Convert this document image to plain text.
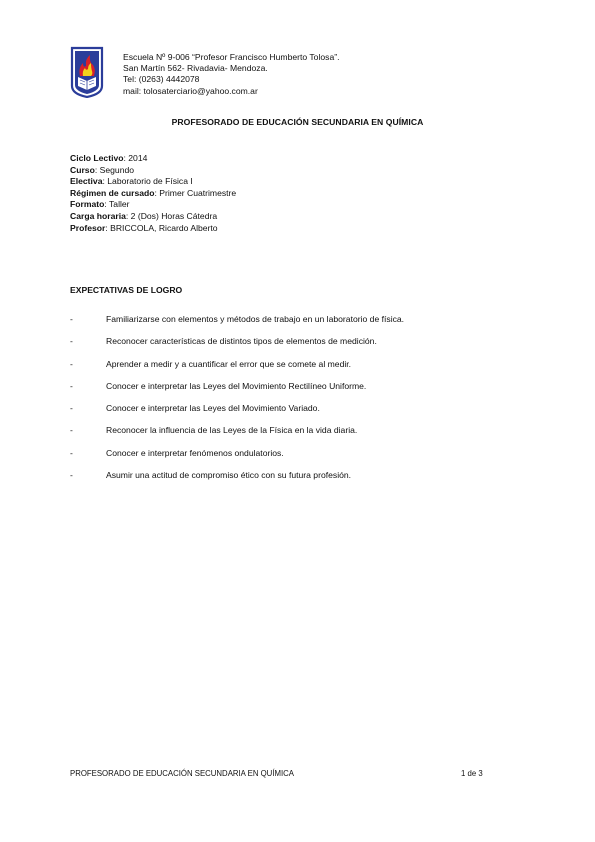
Escuela Nº 9-006 “Profesor Francisco Humberto Tolosa”.
San Martín 562- Rivadavia- Mendoza.
Tel: (0263) 4442078
mail: tolosaterciario@yahoo.com.ar
PROFESORADO DE EDUCACIÓN SECUNDARIA EN QUÍMICA
Ciclo Lectivo: 2014
Curso: Segundo
Electiva: Laboratorio de Física I
Régimen de cursado: Primer Cuatrimestre
Formato: Taller
Carga horaria: 2 (Dos) Horas Cátedra
Profesor: BRICCOLA, Ricardo Alberto
EXPECTATIVAS DE LOGRO
-	Familiarizarse con elementos y métodos de trabajo en un laboratorio de física.
-	Reconocer características de distintos tipos de elementos de medición.
-	Aprender a medir y a cuantificar el error que se comete al medir.
-	Conocer e interpretar las Leyes del Movimiento Rectilíneo Uniforme.
-	Conocer e interpretar las Leyes del Movimiento Variado.
-	Reconocer la influencia de las Leyes de la Física en la vida diaria.
-	Conocer e interpretar fenómenos ondulatorios.
-	Asumir una actitud de compromiso ético con su futura profesión.
PROFESORADO DE EDUCACIÓN SECUNDARIA EN QUÍMICA	1 de 3
